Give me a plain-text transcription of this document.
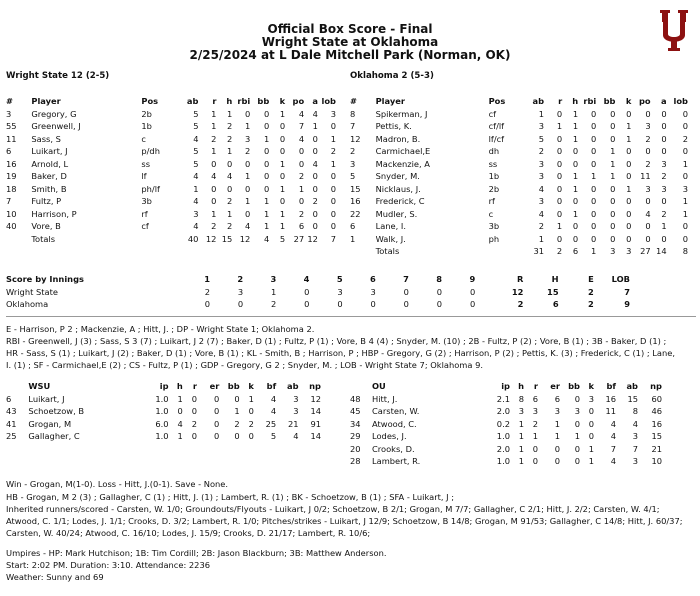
Official Box Score - Final
Wright State at Oklahoma
2/25/2024 at L Dale Mitchell Park (Norman, OK)
Wright State 12 (2-5)
#	Player	Pos	ab	r	h	rbi	bb	k	po	a	lob
3	Gregory, G	2b	5	1	1	0	0	1	4	4	3
55	Greenwell, J	1b	5	1	2	1	0	0	7	1	0
11	Sass, S	c	4	2	2	3	1	0	4	0	1
6	Luikart, J	p/dh	5	1	1	2	0	0	0	0	2
16	Arnold, L	ss	5	0	0	0	0	1	0	4	1
19	Baker, D	lf	4	4	4	1	0	0	2	0	0
18	Smith, B	ph/lf	1	0	0	0	0	1	1	0	0
7	Fultz, P	3b	4	0	2	1	1	0	0	2	0
10	Harrison, P	rf	3	1	1	0	1	1	2	0	0
40	Vore, B	cf	4	2	2	4	1	1	6	0	0
	Totals		40	12	15	12	4	5	27	12	7
Oklahoma 2 (5-3)
#	Player	Pos	ab	r	h	rbi	bb	k	po	a	lob
8	Spikerman, J	cf	1	0	1	0	0	0	0	0	0
7	Pettis, K.	cf/lf	3	1	1	0	0	1	3	0	0
12	Madron, B.	lf/cf	5	0	1	0	0	1	2	0	2
2	Carmichael,E	dh	2	0	0	0	1	0	0	0	0
3	Mackenzie, A	ss	3	0	0	0	1	0	2	3	1
5	Snyder, M.	1b	3	0	1	1	1	0	11	2	0
15	Nicklaus, J.	2b	4	0	1	0	0	1	3	3	3
16	Frederick, C	rf	3	0	0	0	0	0	0	0	1
22	Mudler, S.	c	4	0	1	0	0	0	4	2	1
6	Lane, I.	3b	2	1	0	0	0	0	0	1	0
1	Walk, J.	ph	1	0	0	0	0	0	0	0	0
	Totals		31	2	6	1	3	3	27	14	8
Score by Innings	1	2	3	4	5	6	7	8	9	R	H	E	LOB
Wright State	2	3	1	0	3	3	0	0	0	12	15	2	7
Oklahoma	0	0	2	0	0	0	0	0	0	2	6	2	9
E - Harrison, P 2 ; Mackenzie, A ; Hitt, J. ; DP - Wright State 1; Oklahoma 2.
RBI - Greenwell, J (3) ; Sass, S 3 (7) ; Luikart, J 2 (7) ; Baker, D (1) ; Fultz, P (1) ; Vore, B 4 (4) ; Snyder, M. (10) ; 2B - Fultz, P (2) ; Vore, B (1) ; 3B - Baker, D (1) ;
HR - Sass, S (1) ; Luikart, J (2) ; Baker, D (1) ; Vore, B (1) ; KL - Smith, B ; Harrison, P ; HBP - Gregory, G (2) ; Harrison, P (2) ; Pettis, K. (3) ; Frederick, C (1) ; Lane,
I. (1) ; SF - Carmichael,E (2) ; CS - Fultz, P (1) ; GDP - Gregory, G 2 ; Snyder, M. ; LOB - Wright State 7; Oklahoma 9.
	WSU	ip	h	r	er	bb	k	bf	ab	np
6	Luikart, J	1.0	1	0	0	0	1	4	3	12
43	Schoetzow, B	1.0	0	0	0	1	0	4	3	14
41	Grogan, M	6.0	4	2	0	2	2	25	21	91
25	Gallagher, C	1.0	1	0	0	0	0	5	4	14
	OU	ip	h	r	er	bb	k	bf	ab	np
48	Hitt, J.	2.1	8	6	6	0	3	16	15	60
45	Carsten, W.	2.0	3	3	3	3	0	11	8	46
34	Atwood, C.	0.2	1	2	1	0	0	4	4	16
29	Lodes, J.	1.0	1	1	1	1	0	4	3	15
20	Crooks, D.	2.0	1	0	0	0	1	7	7	21
28	Lambert, R.	1.0	1	0	0	0	1	4	3	10
Win - Grogan, M(1-0). Loss - Hitt, J.(0-1). Save - None.
HB - Grogan, M 2 (3) ; Gallagher, C (1) ; Hitt, J. (1) ; Lambert, R. (1) ; BK - Schoetzow, B (1) ; SFA - Luikart, J ;
Inherited runners/scored - Carsten, W. 1/0; Groundouts/Flyouts - Luikart, J 0/2; Schoetzow, B 2/1; Grogan, M 7/7; Gallagher, C 2/1; Hitt, J. 2/2; Carsten, W. 4/1;
Atwood, C. 1/1; Lodes, J. 1/1; Crooks, D. 3/2; Lambert, R. 1/0; Pitches/strikes - Luikart, J 12/9; Schoetzow, B 14/8; Grogan, M 91/53; Gallagher, C 14/8; Hitt, J. 60/37;
Carsten, W. 40/24; Atwood, C. 16/10; Lodes, J. 15/9; Crooks, D. 21/17; Lambert, R. 10/6;
Umpires - HP: Mark Hutchison; 1B: Tim Cordill; 2B: Jason Blackburn; 3B: Matthew Anderson.
Start: 2:02 PM. Duration: 3:10. Attendance: 2236
Weather: Sunny and 69
